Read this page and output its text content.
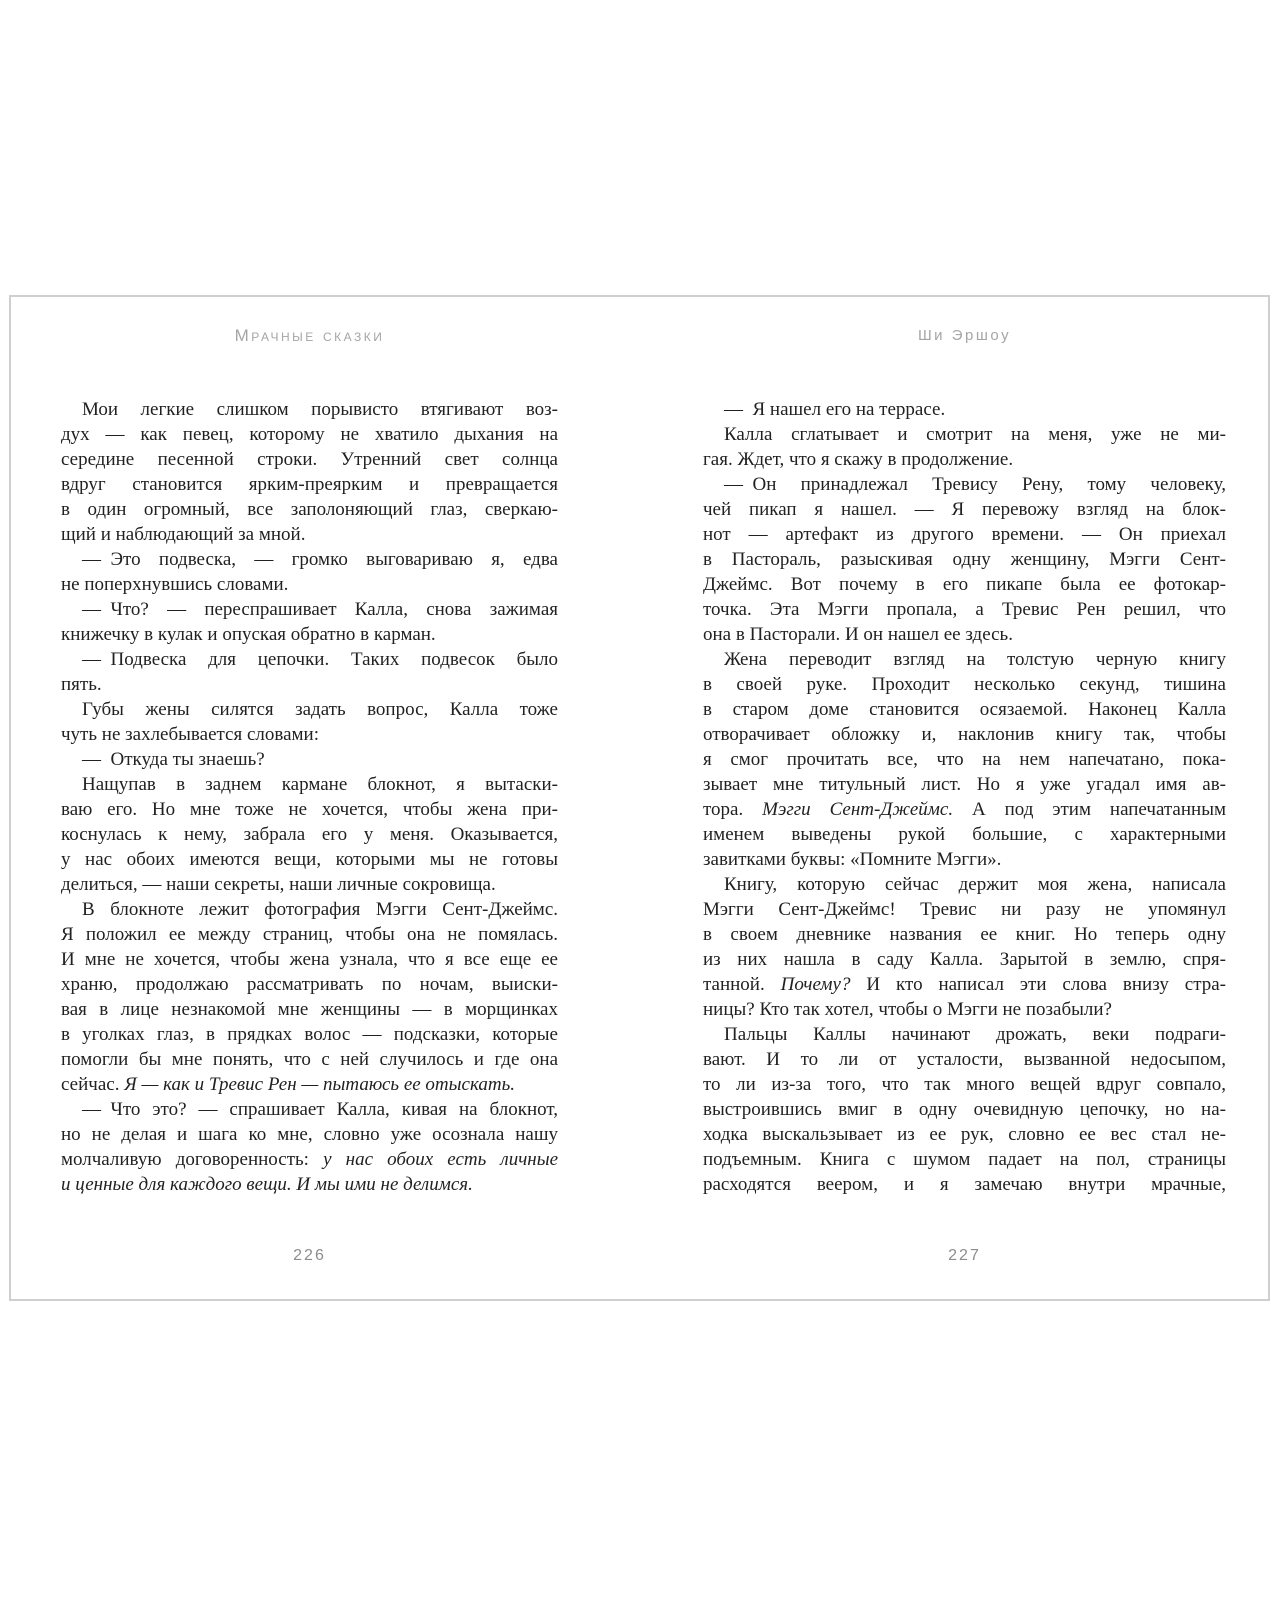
Мрачные сказки
Мои легкие слишком порывисто втягивают воз-
дух — как певец, которому не хватило дыхания на
середине песенной строки. Утренний свет солнца
вдруг становится ярким-преярким и превращается
в один огромный, все заполоняющий глаз, сверкаю-
щий и наблюдающий за мной.
— Это подвеска, — громко выговариваю я, едва
не поперхнувшись словами.
— Что? — переспрашивает Калла, снова зажимая
книжечку в кулак и опуская обратно в карман.
— Подвеска для цепочки. Таких подвесок было
пять.
Губы жены силятся задать вопрос, Калла тоже
чуть не захлебывается словами:
— Откуда ты знаешь?
Нащупав в заднем кармане блокнот, я вытаски-
ваю его. Но мне тоже не хочется, чтобы жена при-
коснулась к нему, забрала его у меня. Оказывается,
у нас обоих имеются вещи, которыми мы не готовы
делиться, — наши секреты, наши личные сокровища.
В блокноте лежит фотография Мэгги Сент-Джеймс.
Я положил ее между страниц, чтобы она не помялась.
И мне не хочется, чтобы жена узнала, что я все еще ее
храню, продолжаю рассматривать по ночам, выиски-
вая в лице незнакомой мне женщины — в морщинках
в уголках глаз, в прядках волос — подсказки, которые
помогли бы мне понять, что с ней случилось и где она
сейчас. Я — как и Тревис Рен — пытаюсь ее отыскать.
— Что это? — спрашивает Калла, кивая на блокнот,
но не делая и шага ко мне, словно уже осознала нашу
молчаливую договоренность: у нас обоих есть личные
и ценные для каждого вещи. И мы ими не делимся.
226
Ши Эршоу
— Я нашел его на террасе.
Калла сглатывает и смотрит на меня, уже не ми-
гая. Ждет, что я скажу в продолжение.
— Он принадлежал Тревису Рену, тому человеку,
чей пикап я нашел. — Я перевожу взгляд на блок-
нот — артефакт из другого времени. — Он приехал
в Пастораль, разыскивая одну женщину, Мэгги Сент-
Джеймс. Вот почему в его пикапе была ее фотокар-
точка. Эта Мэгги пропала, а Тревис Рен решил, что
она в Пасторали. И он нашел ее здесь.
Жена переводит взгляд на толстую черную книгу
в своей руке. Проходит несколько секунд, тишина
в старом доме становится осязаемой. Наконец Калла
отворачивает обложку и, наклонив книгу так, чтобы
я смог прочитать все, что на нем напечатано, пока-
зывает мне титульный лист. Но я уже угадал имя ав-
тора. Мэгги Сент-Джеймс. А под этим напечатанным
именем выведены рукой большие, с характерными
завитками буквы: «Помните Мэгги».
Книгу, которую сейчас держит моя жена, написала
Мэгги Сент-Джеймс! Тревис ни разу не упомянул
в своем дневнике названия ее книг. Но теперь одну
из них нашла в саду Калла. Зарытой в землю, спря-
танной. Почему? И кто написал эти слова внизу стра-
ницы? Кто так хотел, чтобы о Мэгги не позабыли?
Пальцы Каллы начинают дрожать, веки подраги-
вают. И то ли от усталости, вызванной недосыпом,
то ли из-за того, что так много вещей вдруг совпало,
выстроившись вмиг в одну очевидную цепочку, но на-
ходка выскальзывает из ее рук, словно ее вес стал не-
подъемным. Книга с шумом падает на пол, страницы
расходятся веером, и я замечаю внутри мрачные,
227
